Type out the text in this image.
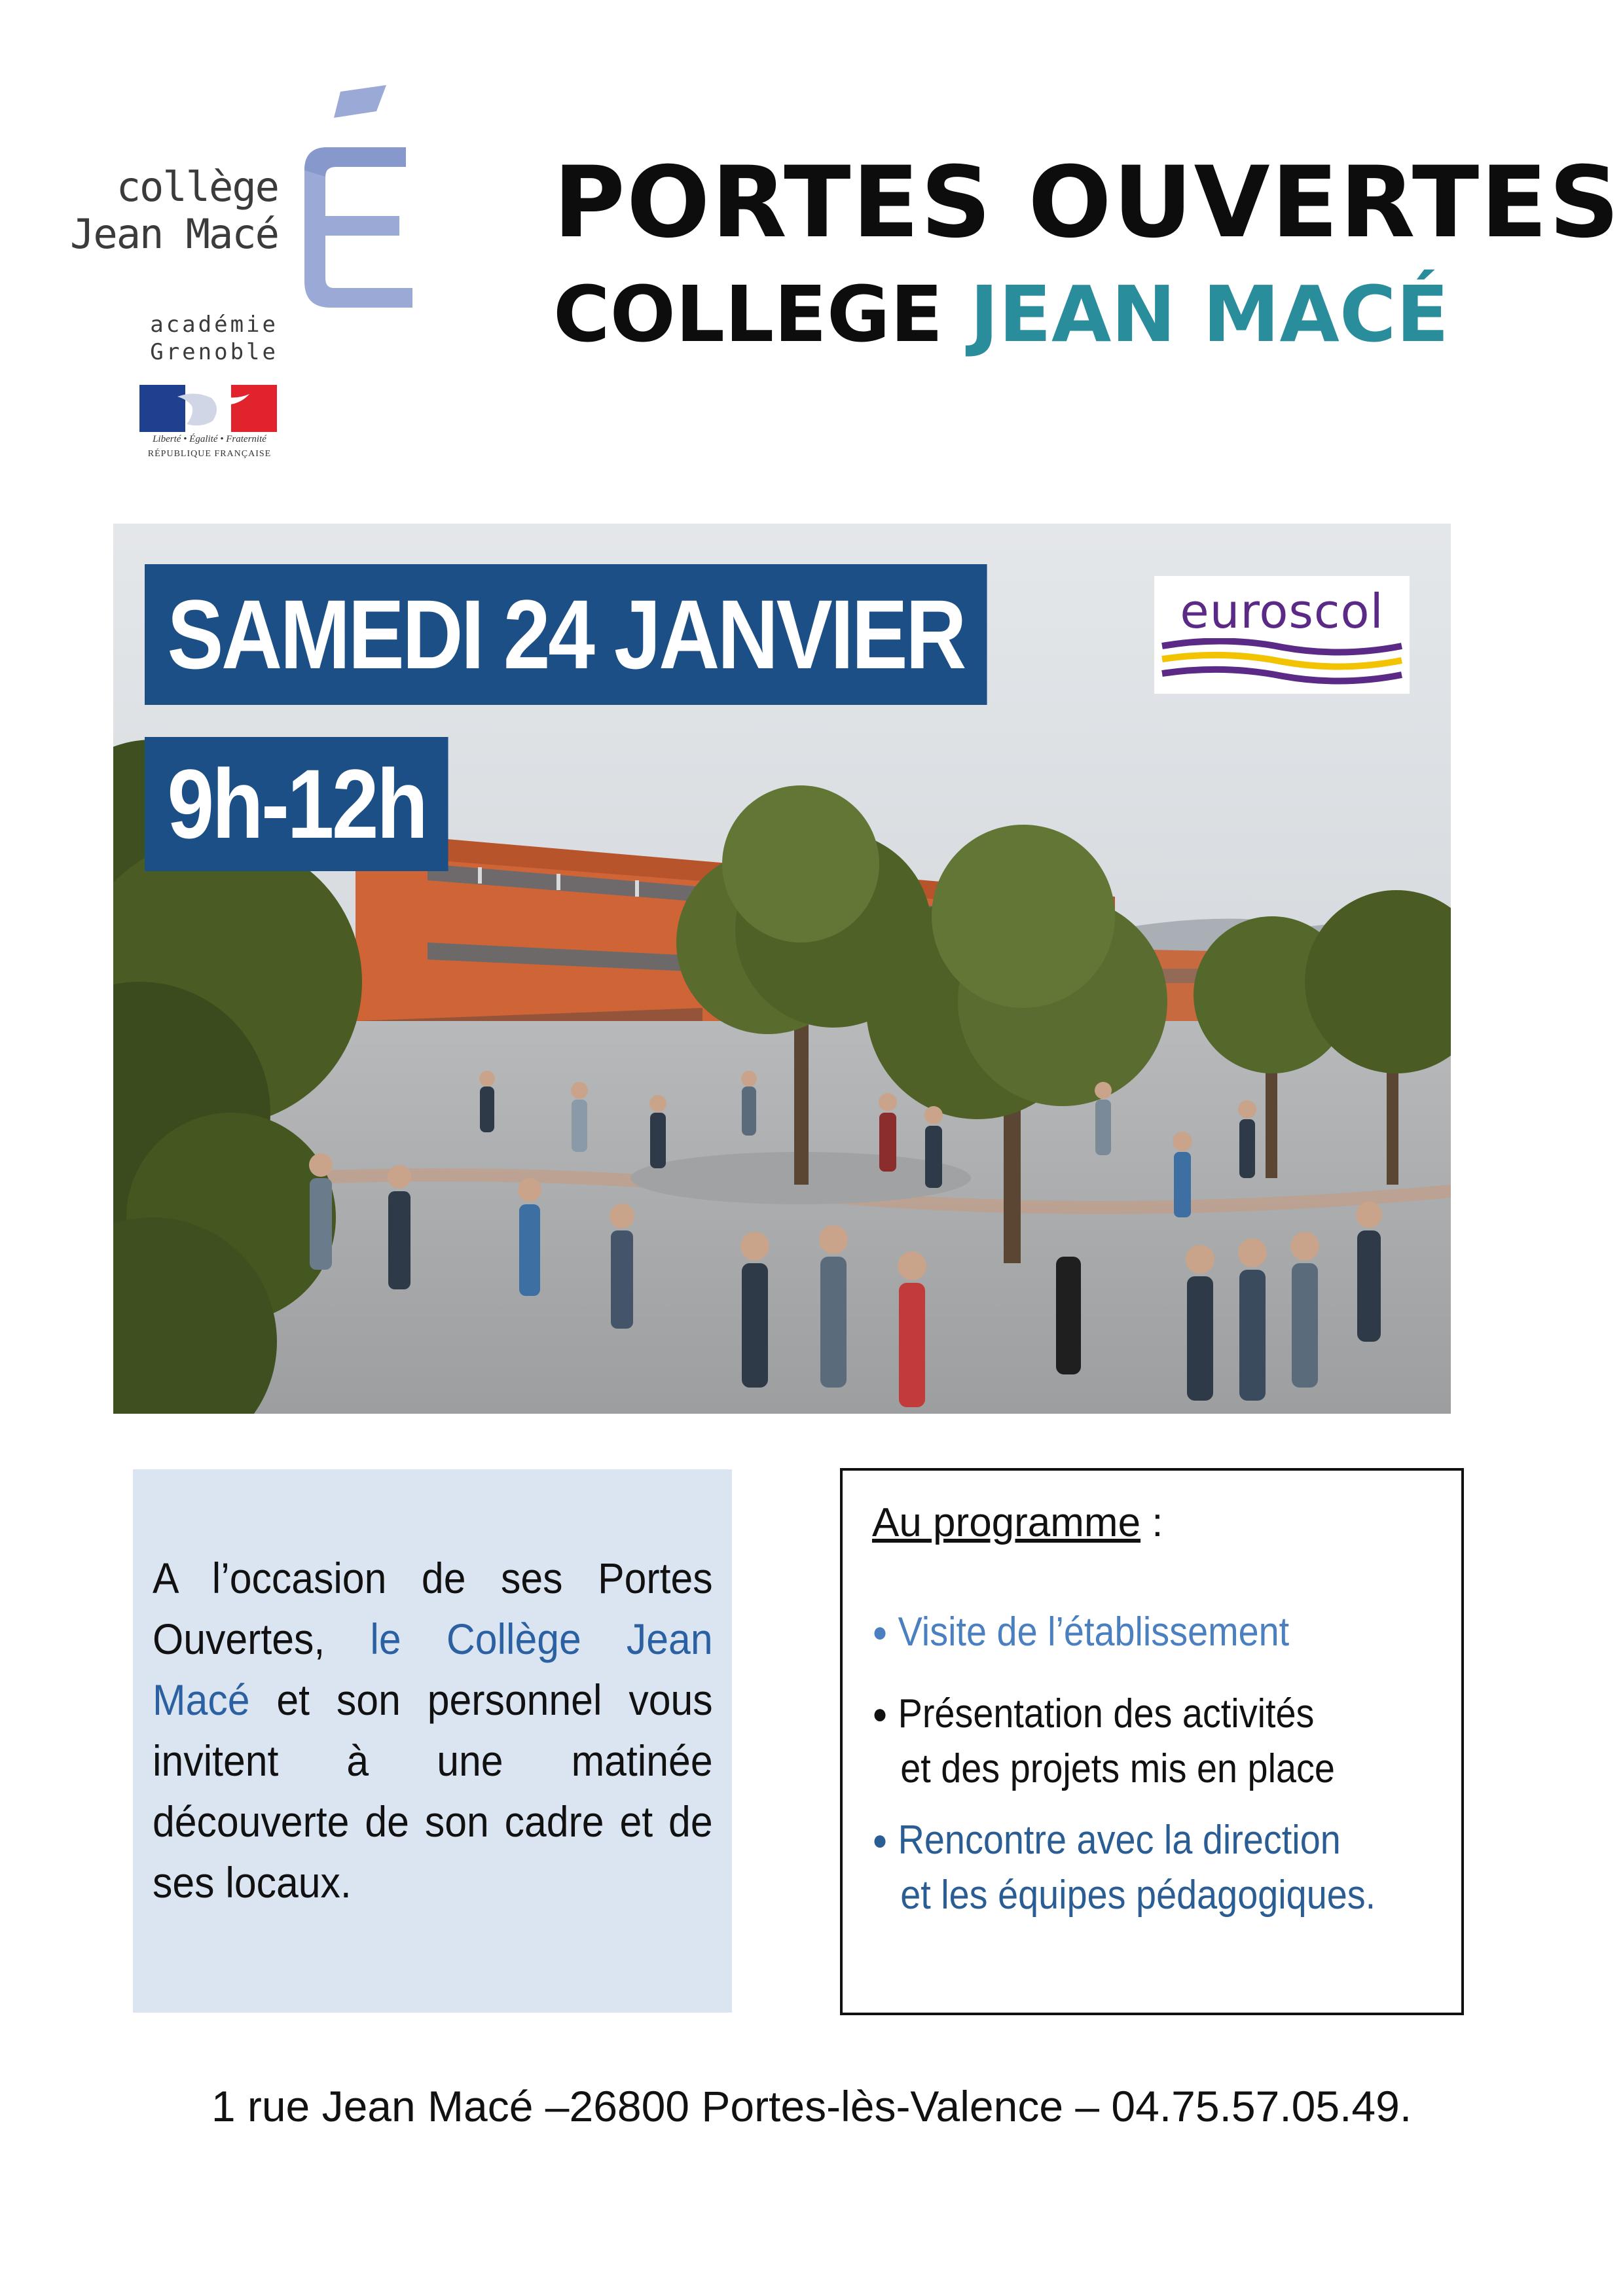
collège
Jean Macé
académie
Grenoble
Liberté • Égalité • Fraternité
RÉPUBLIQUE FRANÇAISE
PORTES OUVERTES
COLLEGE JEAN MACÉ
SAMEDI 24 JANVIER
9h-12h
euroscol
A l’occasion de ses Portes Ouvertes, le Collège Jean Macé et son personnel vous invitent à une matinée découverte de son cadre et de ses locaux.
Au programme :
● Visite de l’établissement
● Présentation des activités
et des projets mis en place
● Rencontre avec la direction
et les équipes pédagogiques.
1 rue Jean Macé –26800 Portes-lès-Valence – 04.75.57.05.49.
